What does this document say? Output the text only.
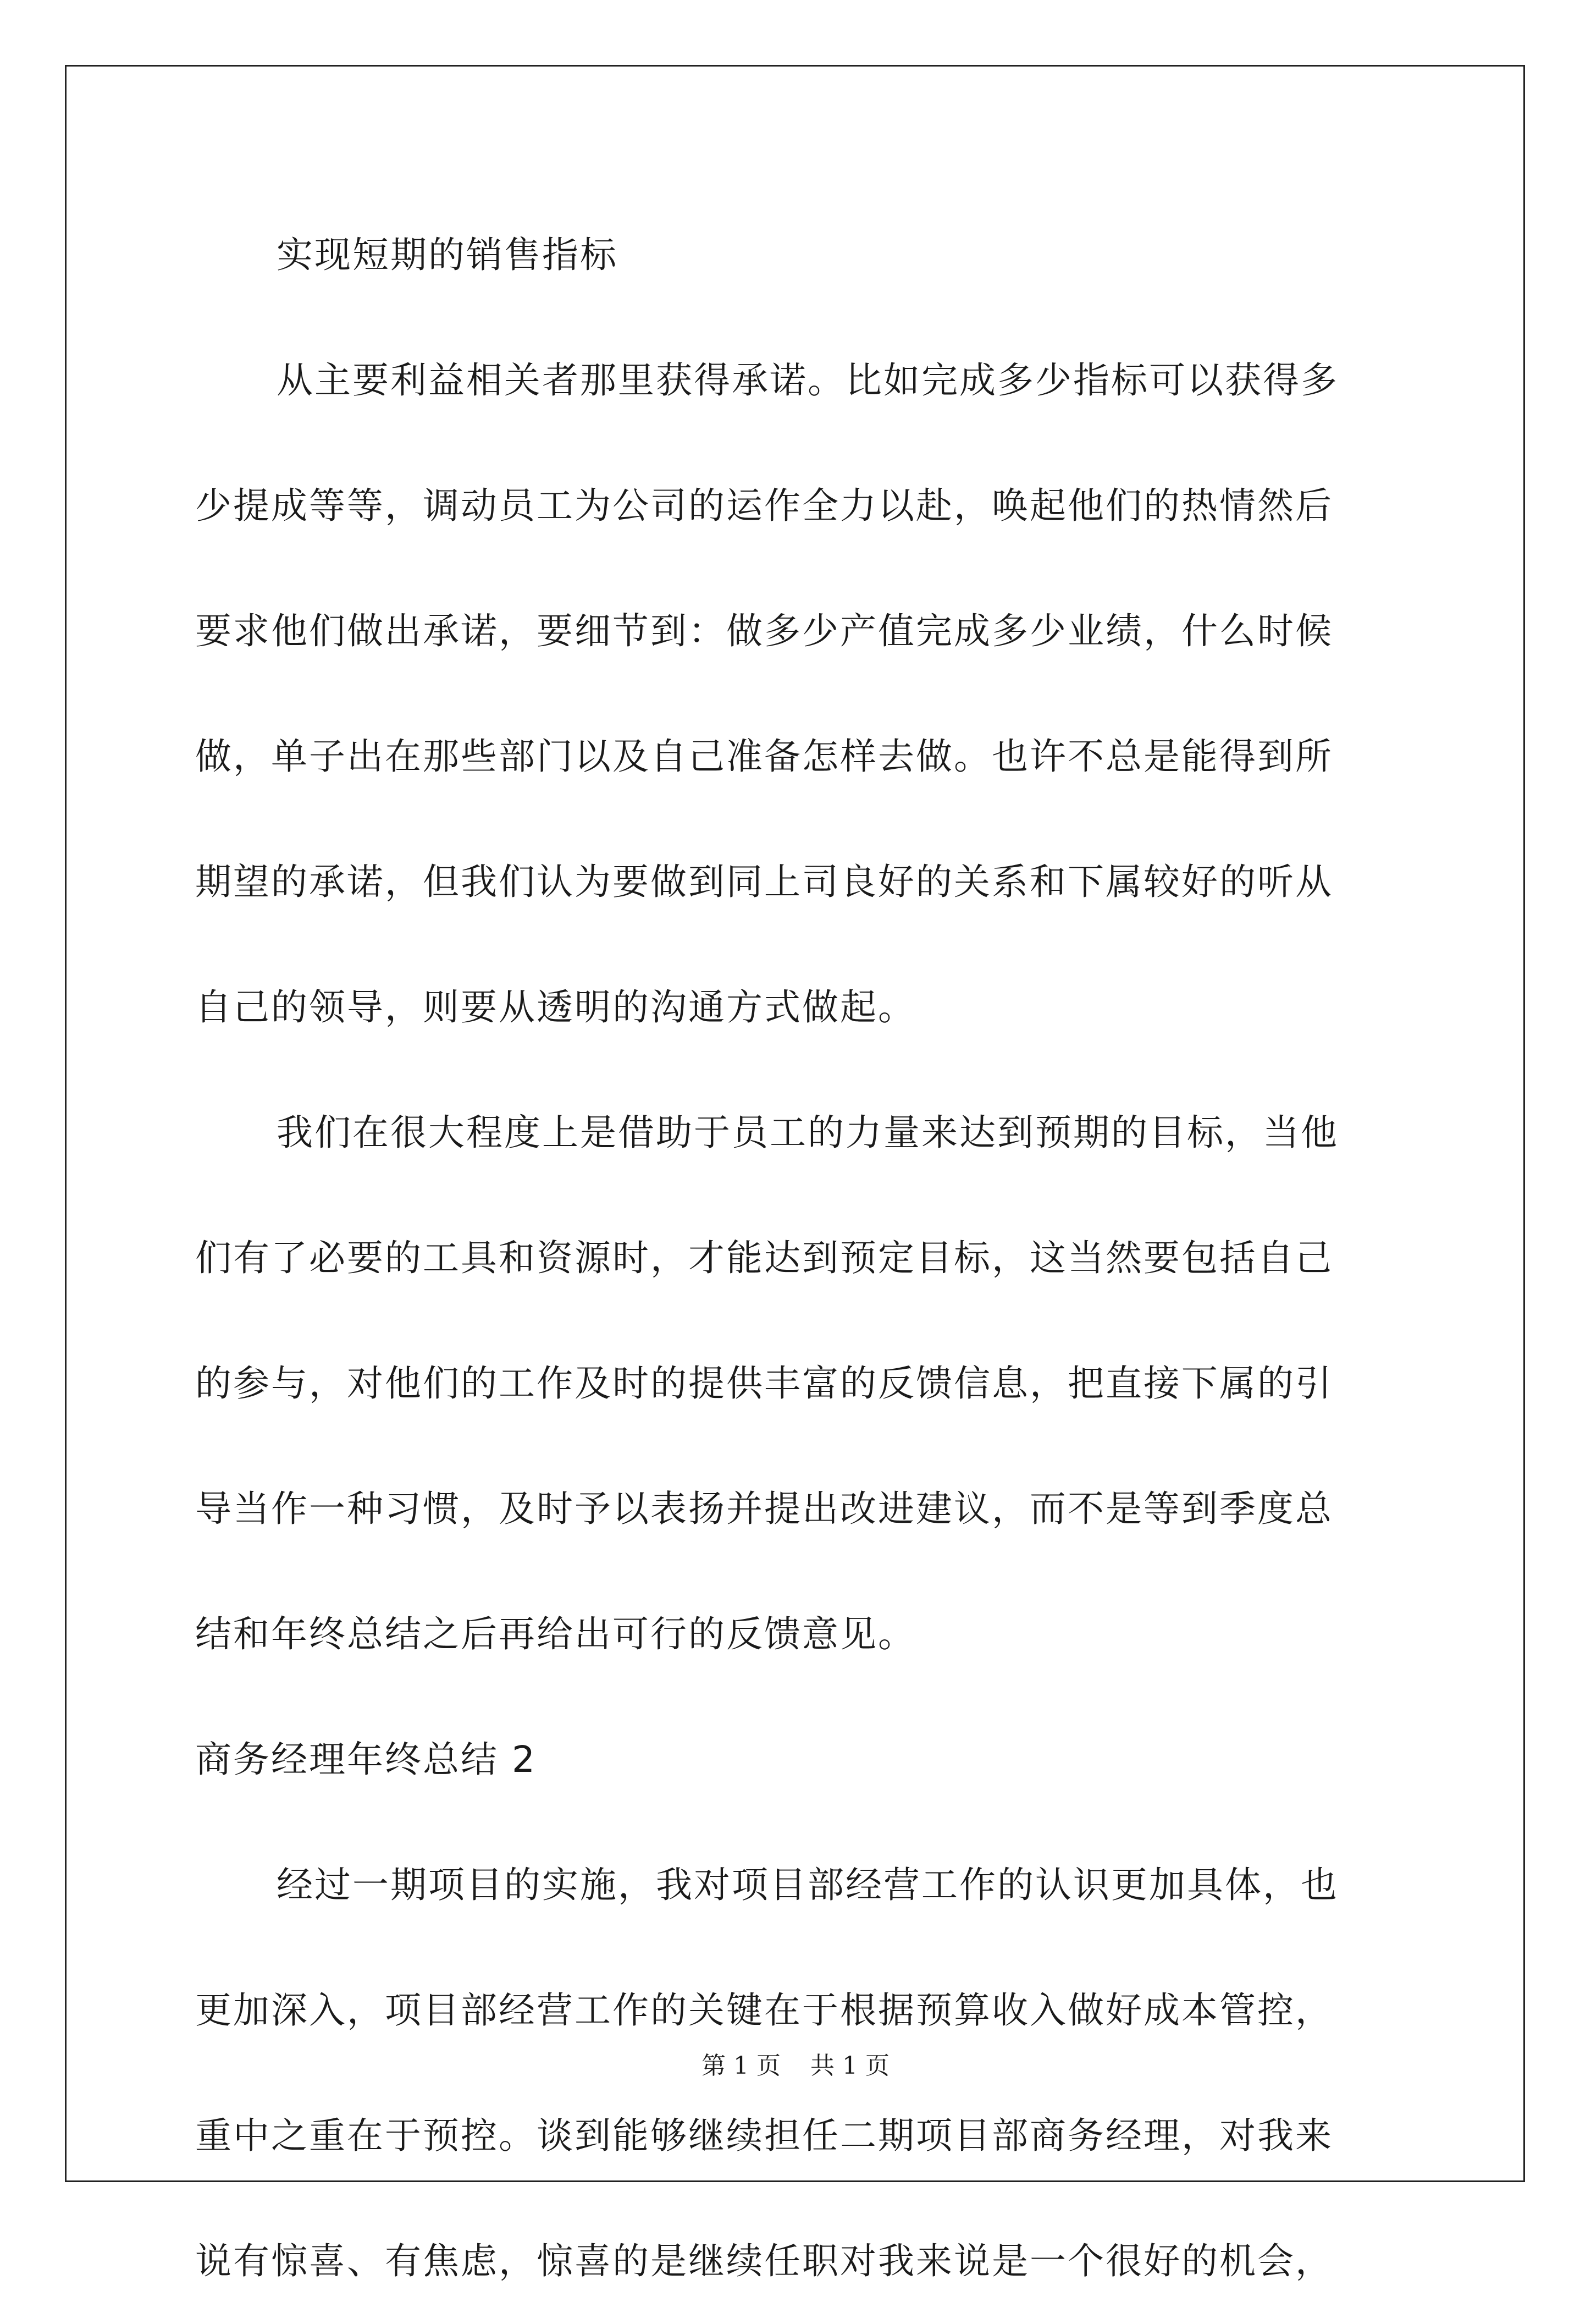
实现短期的销售指标
从主要利益相关者那里获得承诺。比如完成多少指标可以获得多
少提成等等，调动员工为公司的运作全力以赴，唤起他们的热情然后
要求他们做出承诺，要细节到：做多少产值完成多少业绩，什么时候
做，单子出在那些部门以及自己准备怎样去做。也许不总是能得到所
期望的承诺，但我们认为要做到同上司良好的关系和下属较好的听从
自己的领导，则要从透明的沟通方式做起。
我们在很大程度上是借助于员工的力量来达到预期的目标，当他
们有了必要的工具和资源时，才能达到预定目标，这当然要包括自己
的参与，对他们的工作及时的提供丰富的反馈信息，把直接下属的引
导当作一种习惯，及时予以表扬并提出改进建议，而不是等到季度总
结和年终总结之后再给出可行的反馈意见。
商务经理年终总结 2
经过一期项目的实施，我对项目部经营工作的认识更加具体，也
更加深入，项目部经营工作的关键在于根据预算收入做好成本管控，
重中之重在于预控。谈到能够继续担任二期项目部商务经理，对我来
说有惊喜、有焦虑，惊喜的是继续任职对我来说是一个很好的机会，
第 1 页 共 1 页
